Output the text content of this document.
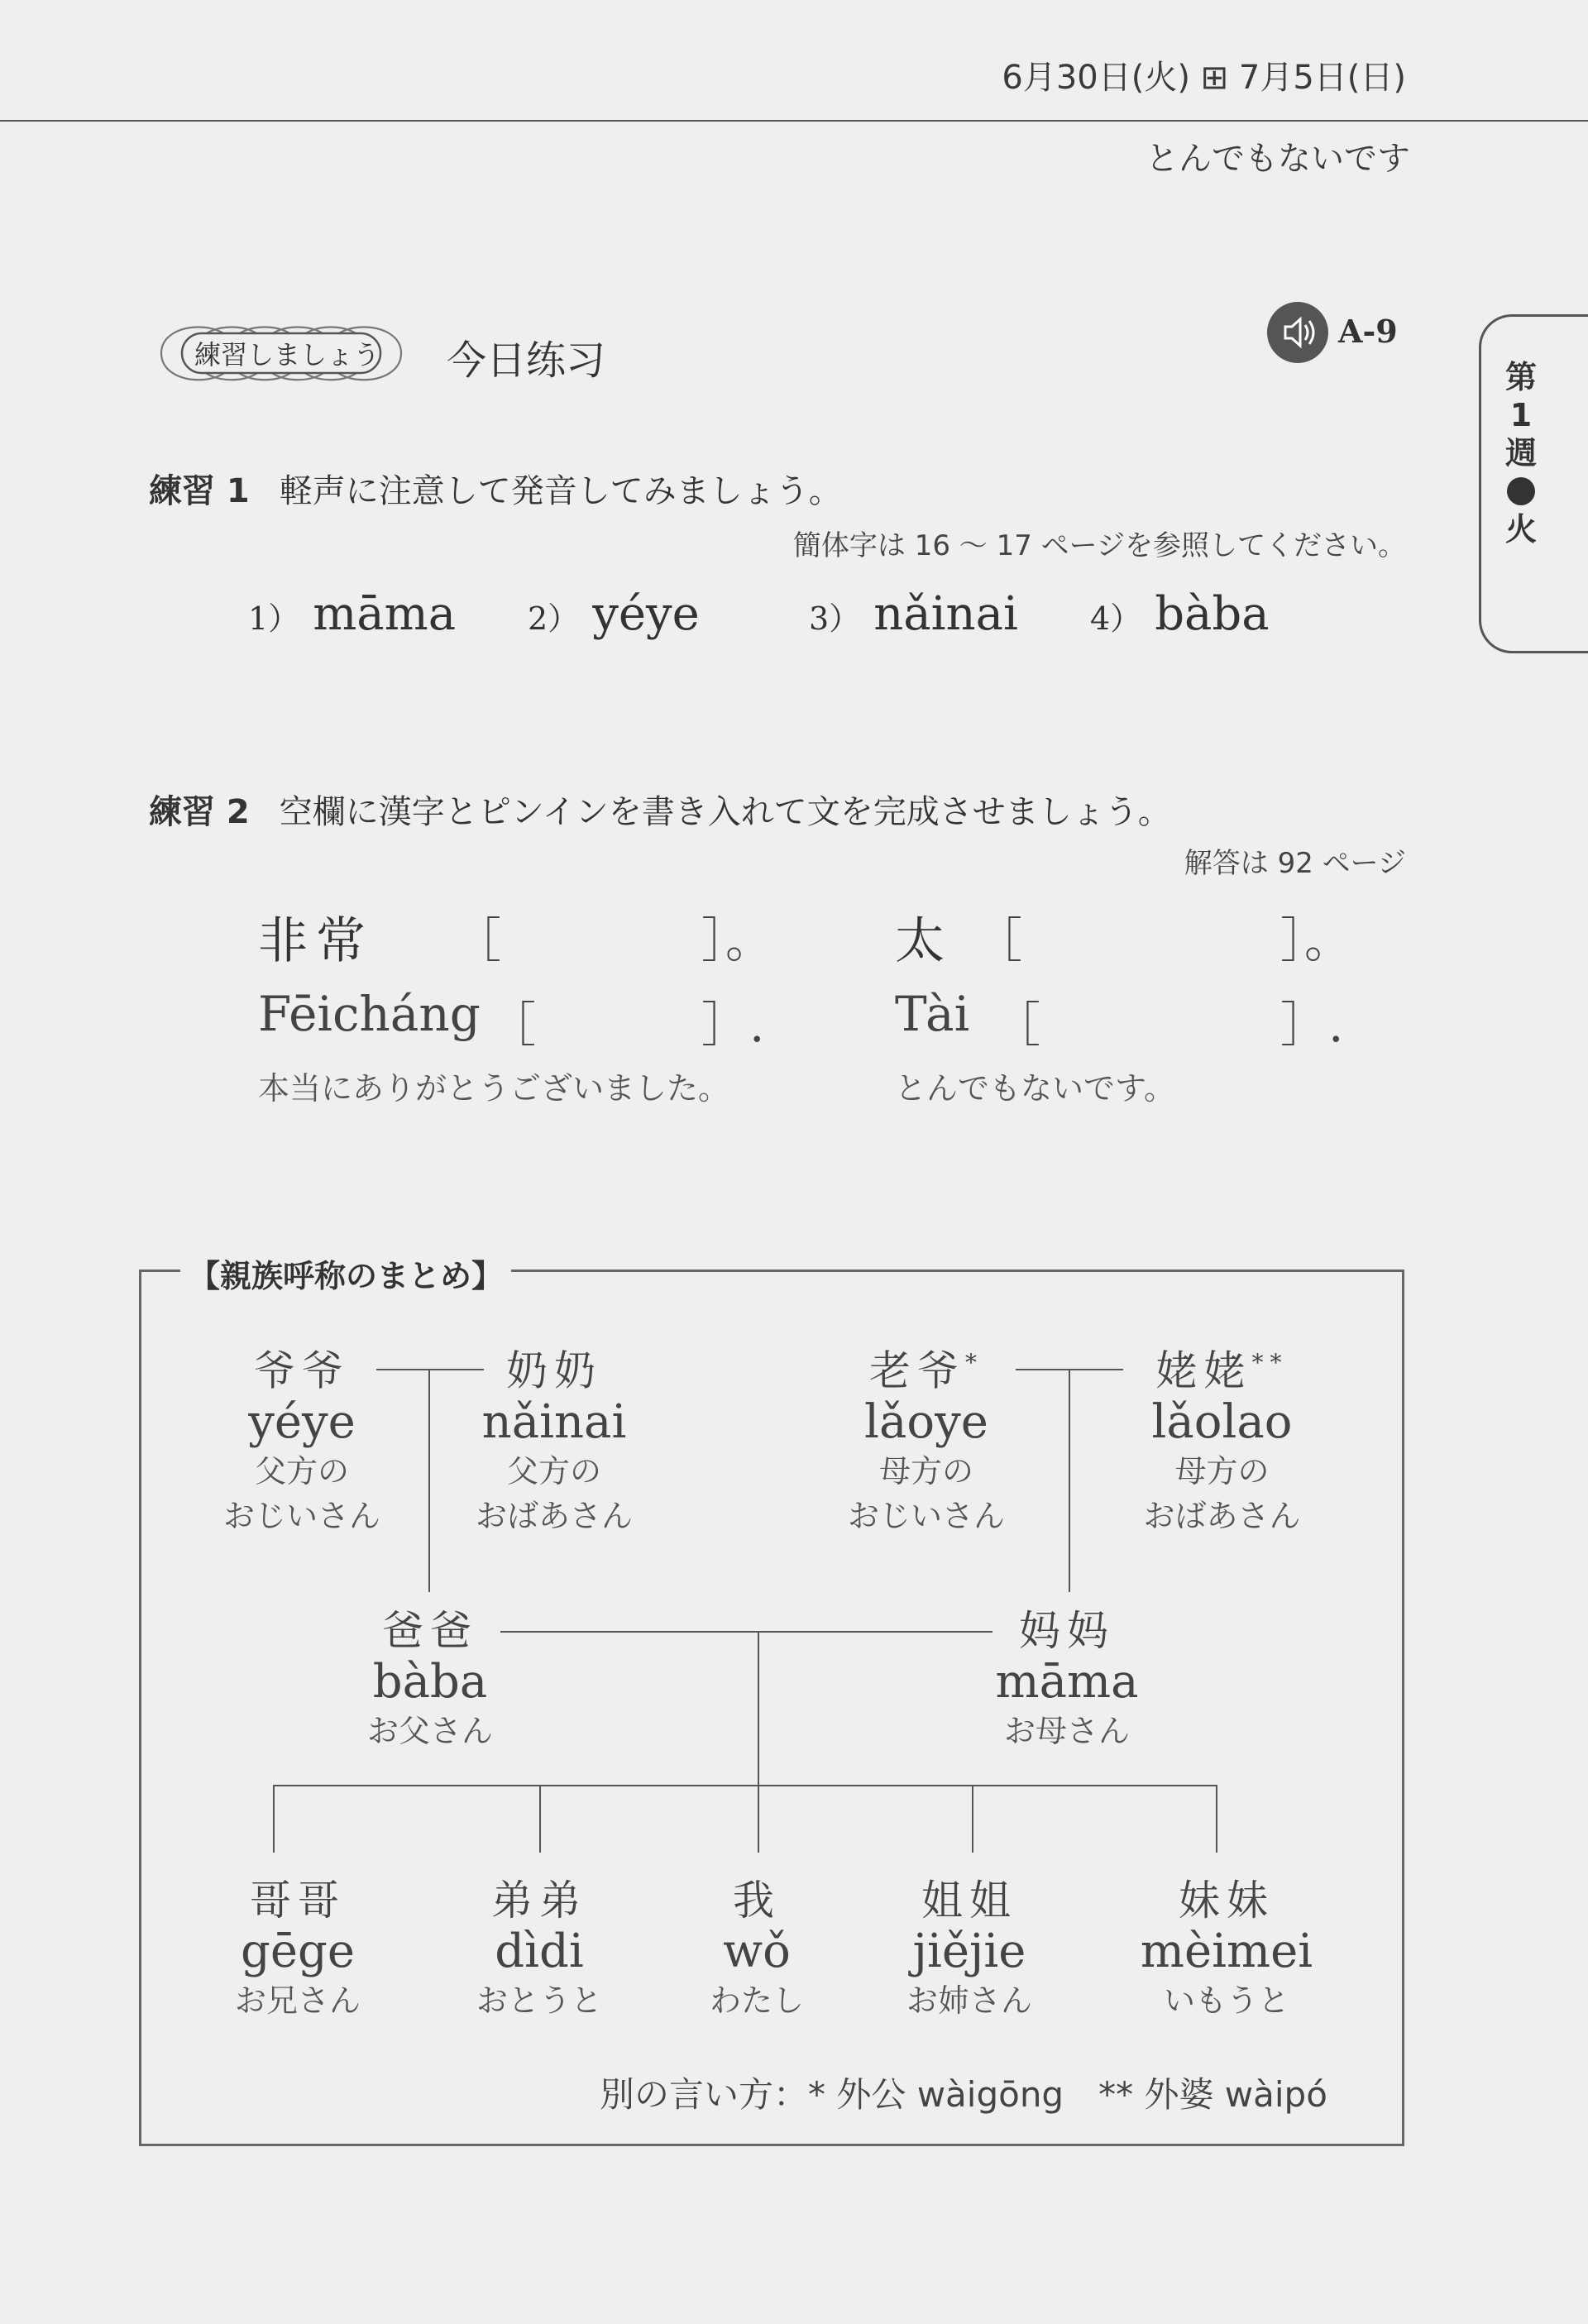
6月30日(火) ⊞ 7月5日(日)
とんでもないです
第
1
週
火
練習しましょう 今日练习
A-9
練習 1 軽声に注意して発音してみましょう。
簡体字は 16 ～ 17 ページを参照してください。
1） māma 2） yéye	3） nǎinai 4） bàba
練習 2 空欄に漢字とピンインを書き入れて文を完成させましょう。
解答は 92 ページ
非常 ［	］。
Fēicháng ［	］.
本当にありがとうございました。
太 ［	］。
Tài ［	］.
とんでもないです。
【親族呼称のまとめ】
爷爷
yéye
父方の
おじいさん
奶奶
nǎinai
父方の
おばあさん
老爷*
lǎoye
母方の
おじいさん
姥姥**
lǎolao
母方の
おばあさん
爸爸
bàba
お父さん
妈妈
māma
お母さん
哥哥
gēge
お兄さん
弟弟
dìdi
おとうと
我
wǒ
わたし
姐姐
jiějie
お姉さん
妹妹
mèimei
いもうと
別の言い方：* 外公 wàigōng　** 外婆 wàipó
